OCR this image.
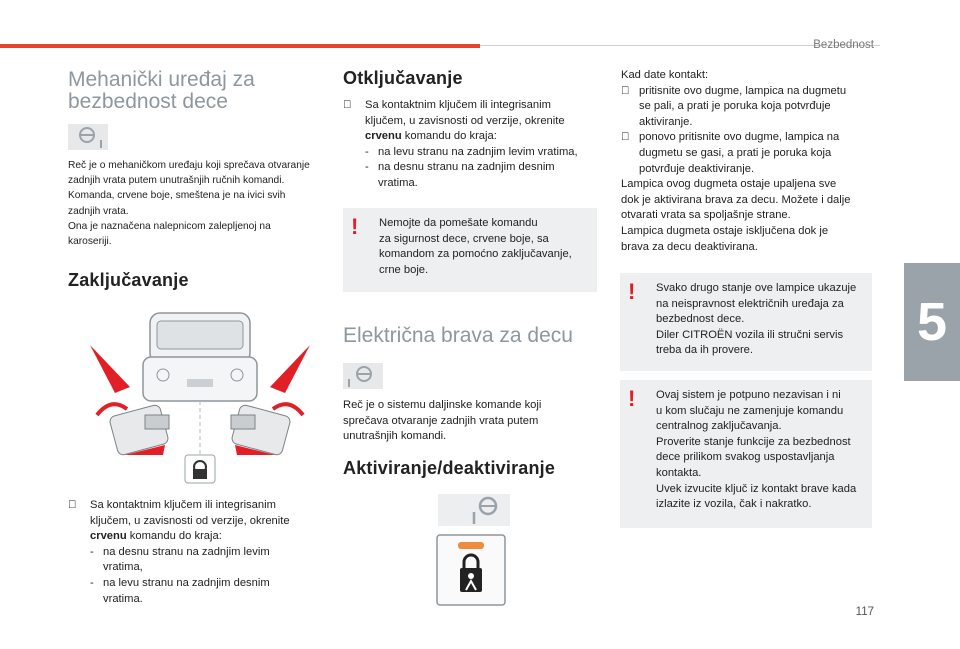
Bezbednost
5
117
Mehanički uređaj za
bezbednost dece
Reč je o mehaničkom uređaju koji sprečava otvaranje
zadnjih vrata putem unutrašnjih ručnih komandi.
Komanda, crvene boje, smeštena je na ivici svih
zadnjih vrata.
Ona je naznačena nalepnicom zalepljenoj na
karoseriji.
Zaključavanje
Sa kontaktnim ključem ili integrisanim
ključem, u zavisnosti od verzije, okrenite
crvenu komandu do kraja:
- na desnu stranu na zadnjim levim
vratima,
- na levu stranu na zadnjim desnim
vratima.
Otključavanje
Sa kontaktnim ključem ili integrisanim
ključem, u zavisnosti od verzije, okrenite
crvenu komandu do kraja:
- na levu stranu na zadnjim levim vratima,
- na desnu stranu na zadnjim desnim
vratima.
!	Nemojte da pomešate komandu
za sigurnost dece, crvene boje, sa
komandom za pomoćno zaključavanje,
crne boje.
Električna brava za decu
Reč je o sistemu daljinske komande koji
sprečava otvaranje zadnjih vrata putem
unutrašnjih komandi.
Aktiviranje/deaktiviranje
Kad date kontakt:
pritisnite ovo dugme, lampica na dugmetu
se pali, a prati je poruka koja potvrđuje
aktiviranje.
ponovo pritisnite ovo dugme, lampica na
dugmetu se gasi, a prati je poruka koja
potvrđuje deaktiviranje.
Lampica ovog dugmeta ostaje upaljena sve
dok je aktivirana brava za decu. Možete i dalje
otvarati vrata sa spoljašnje strane.
Lampica dugmeta ostaje isključena dok je
brava za decu deaktivirana.
!	Svako drugo stanje ove lampice ukazuje
na neispravnost električnih uređaja za
bezbednost dece.
Diler CITROËN vozila ili stručni servis
treba da ih provere.
!	Ovaj sistem je potpuno nezavisan i ni
u kom slučaju ne zamenjuje komandu
centralnog zaključavanja.
Proverite stanje funkcije za bezbednost
dece prilikom svakog uspostavljanja
kontakta.
Uvek izvucite ključ iz kontakt brave kada
izlazite iz vozila, čak i nakratko.
